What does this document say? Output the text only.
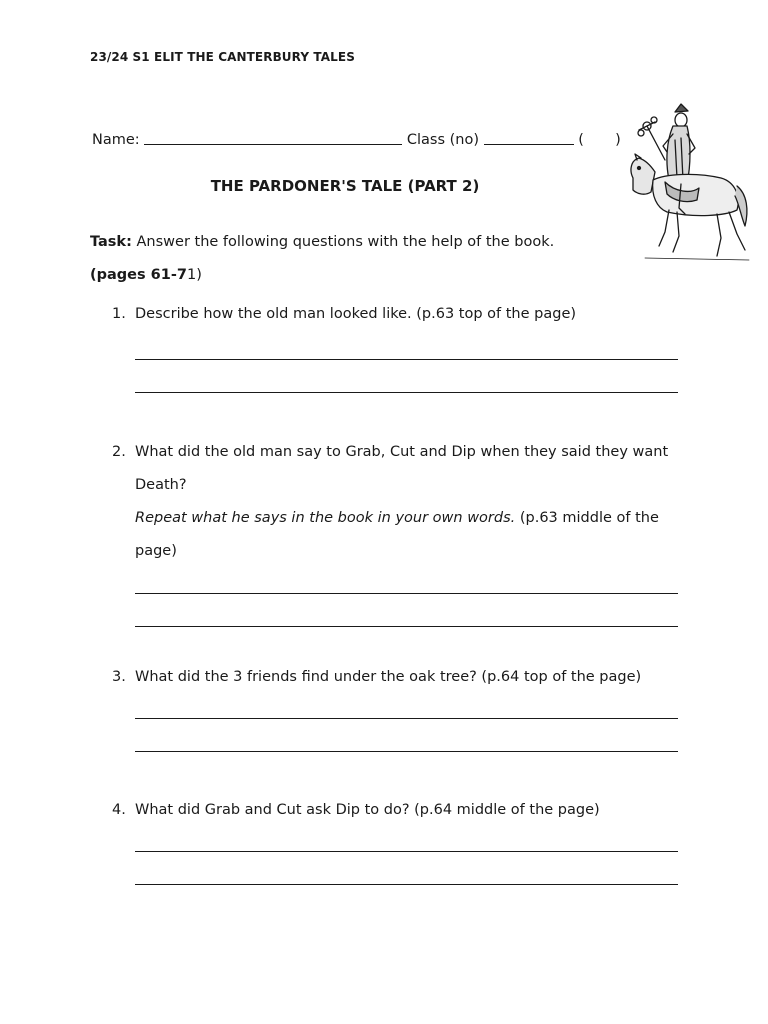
23/24 S1 ELIT THE CANTERBURY TALES
Name:	Class (no)	( )
THE PARDONER'S TALE (PART 2)
Task: Answer the following questions with the help of the book. (pages 61-71)
1. Describe how the old man looked like. (p.63 top of the page)
2. What did the old man say to Grab, Cut and Dip when they said they want Death?
Repeat what he says in the book in your own words. (p.63 middle of the page)
3. What did the 3 friends find under the oak tree? (p.64 top of the page)
4. What did Grab and Cut ask Dip to do? (p.64 middle of the page)
